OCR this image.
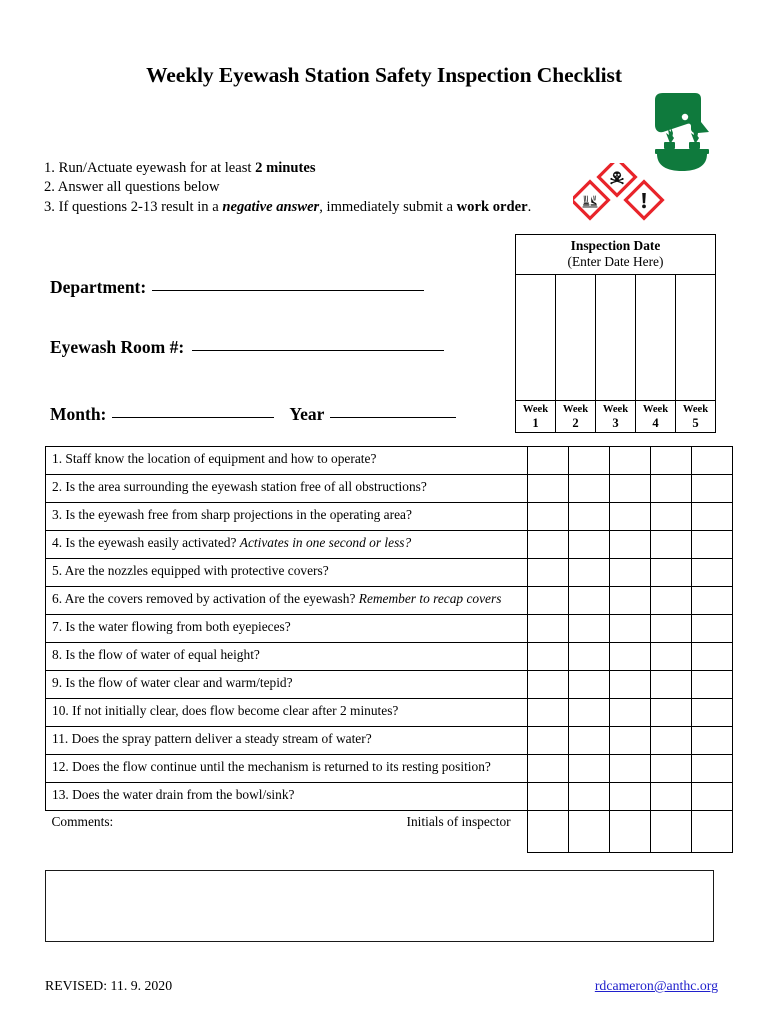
Weekly Eyewash Station Safety Inspection Checklist
1. Run/Actuate eyewash for at least 2 minutes
2. Answer all questions below
3. If questions 2-13 result in a negative answer, immediately submit a work order.
Department:
Eyewash Room #:
Month:	Year
Inspection Date
(Enter Date Here)				

Week
1

Week
2

Week
3

Week
4

Week
5
1. Staff know the location of equipment and how to operate?					
2. Is the area surrounding the eyewash station free of all obstructions?					
3. Is the eyewash free from sharp projections in the operating area?					
4. Is the eyewash easily activated? Activates in one second or less?					
5. Are the nozzles equipped with protective covers?					
6. Are the covers removed by activation of the eyewash? Remember to recap covers					
7. Is the water flowing from both eyepieces?					
8. Is the flow of water of equal height?					
9. Is the flow of water clear and warm/tepid?					
10. If not initially clear, does flow become clear after 2 minutes?					
11. Does the spray pattern deliver a steady stream of water?					
12. Does the flow continue until the mechanism is returned to its resting position?					
13. Does the water drain from the bowl/sink?					

Comments: Initials of inspector					

REVISED: 11. 9. 2020	rdcameron@anthc.org
